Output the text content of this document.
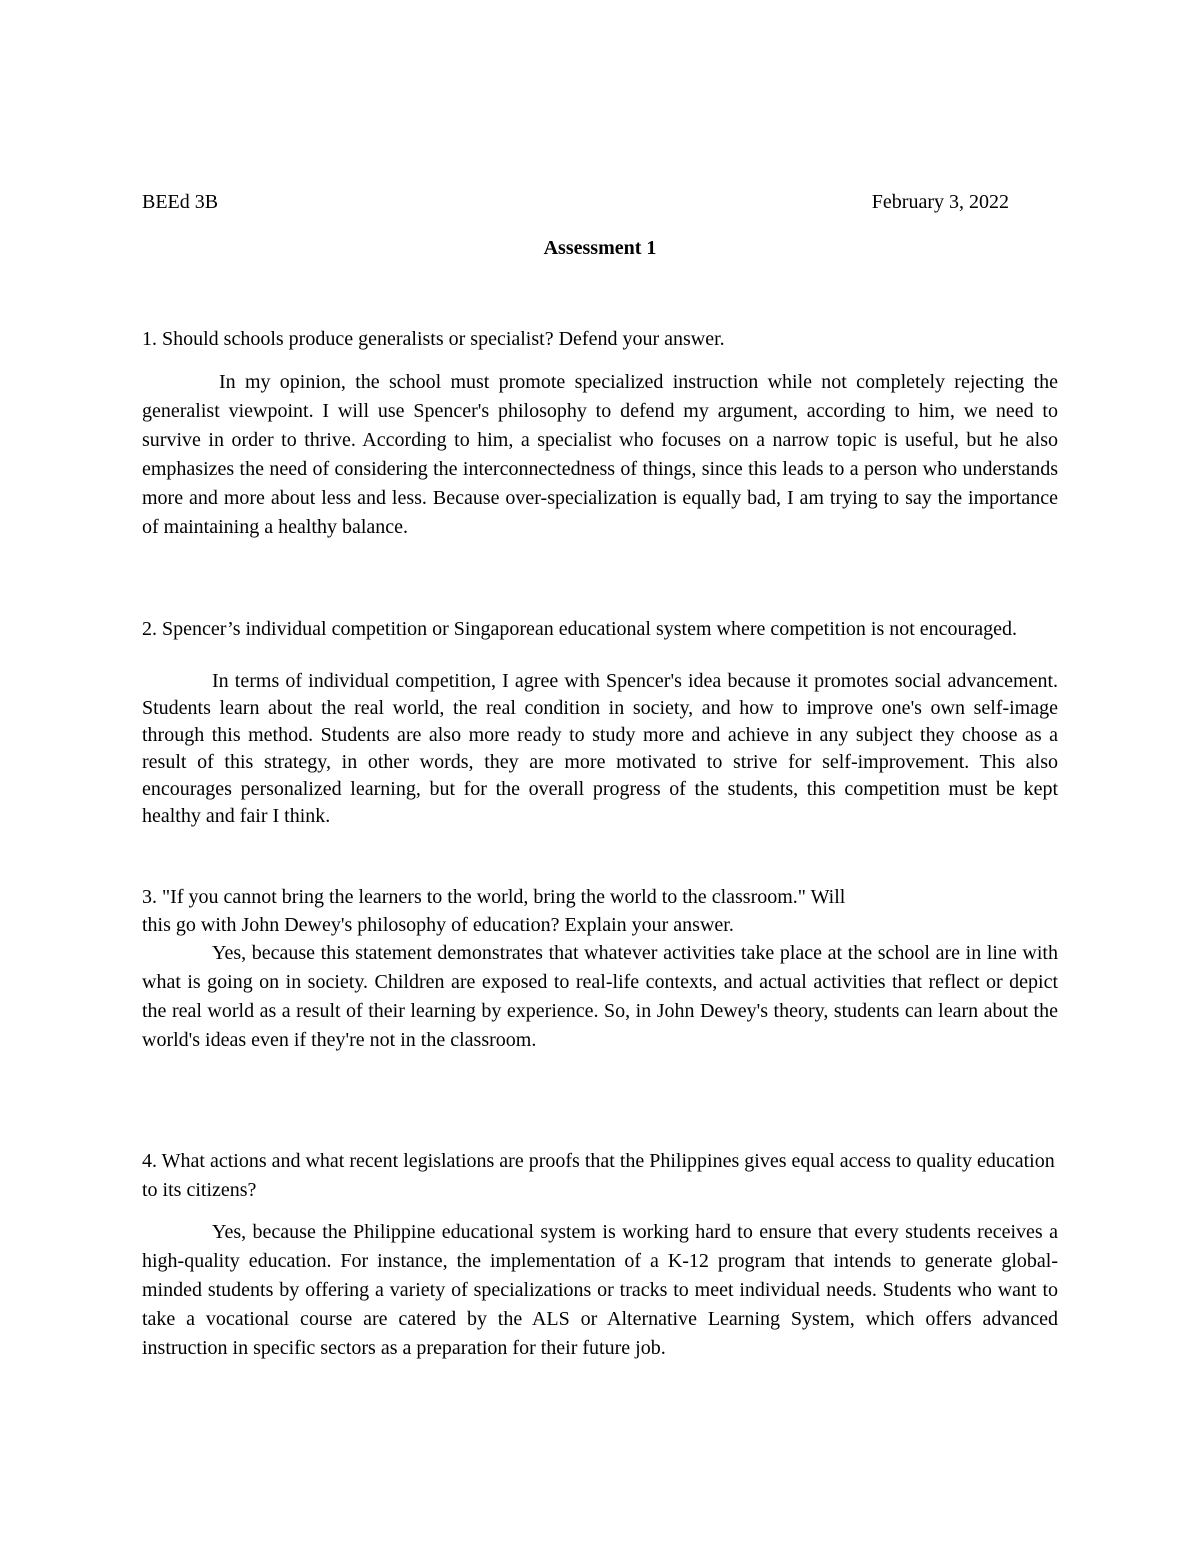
BEEd 3B	February 3, 2022
Assessment 1

1. Should schools produce generalists or specialist? Defend your answer.

In my opinion, the school must promote specialized instruction while not completely rejecting the generalist viewpoint. I will use Spencer's philosophy to defend my argument, according to him, we need to survive in order to thrive. According to him, a specialist who focuses on a narrow topic is useful, but he also emphasizes the need of considering the interconnectedness of things, since this leads to a person who understands more and more about less and less. Because over-specialization is equally bad, I am trying to say the importance of maintaining a healthy balance.

2. Spencer’s individual competition or Singaporean educational system where competition is not encouraged.

In terms of individual competition, I agree with Spencer's idea because it promotes social advancement. Students learn about the real world, the real condition in society, and how to improve one's own self-image through this method. Students are also more ready to study more and achieve in any subject they choose as a result of this strategy, in other words, they are more motivated to strive for self-improvement. This also encourages personalized learning, but for the overall progress of the students, this competition must be kept healthy and fair I think.

3. "If you cannot bring the learners to the world, bring the world to the classroom." Will this go with John Dewey's philosophy of education? Explain your answer.

Yes, because this statement demonstrates that whatever activities take place at the school are in line with what is going on in society. Children are exposed to real-life contexts, and actual activities that reflect or depict the real world as a result of their learning by experience. So, in John Dewey's theory, students can learn about the world's ideas even if they're not in the classroom.

4. What actions and what recent legislations are proofs that the Philippines gives equal access to quality education to its citizens?

Yes, because the Philippine educational system is working hard to ensure that every students receives a high-quality education. For instance, the implementation of a K-12 program that intends to generate global-minded students by offering a variety of specializations or tracks to meet individual needs. Students who want to take a vocational course are catered by the ALS or Alternative Learning System, which offers advanced instruction in specific sectors as a preparation for their future job.
